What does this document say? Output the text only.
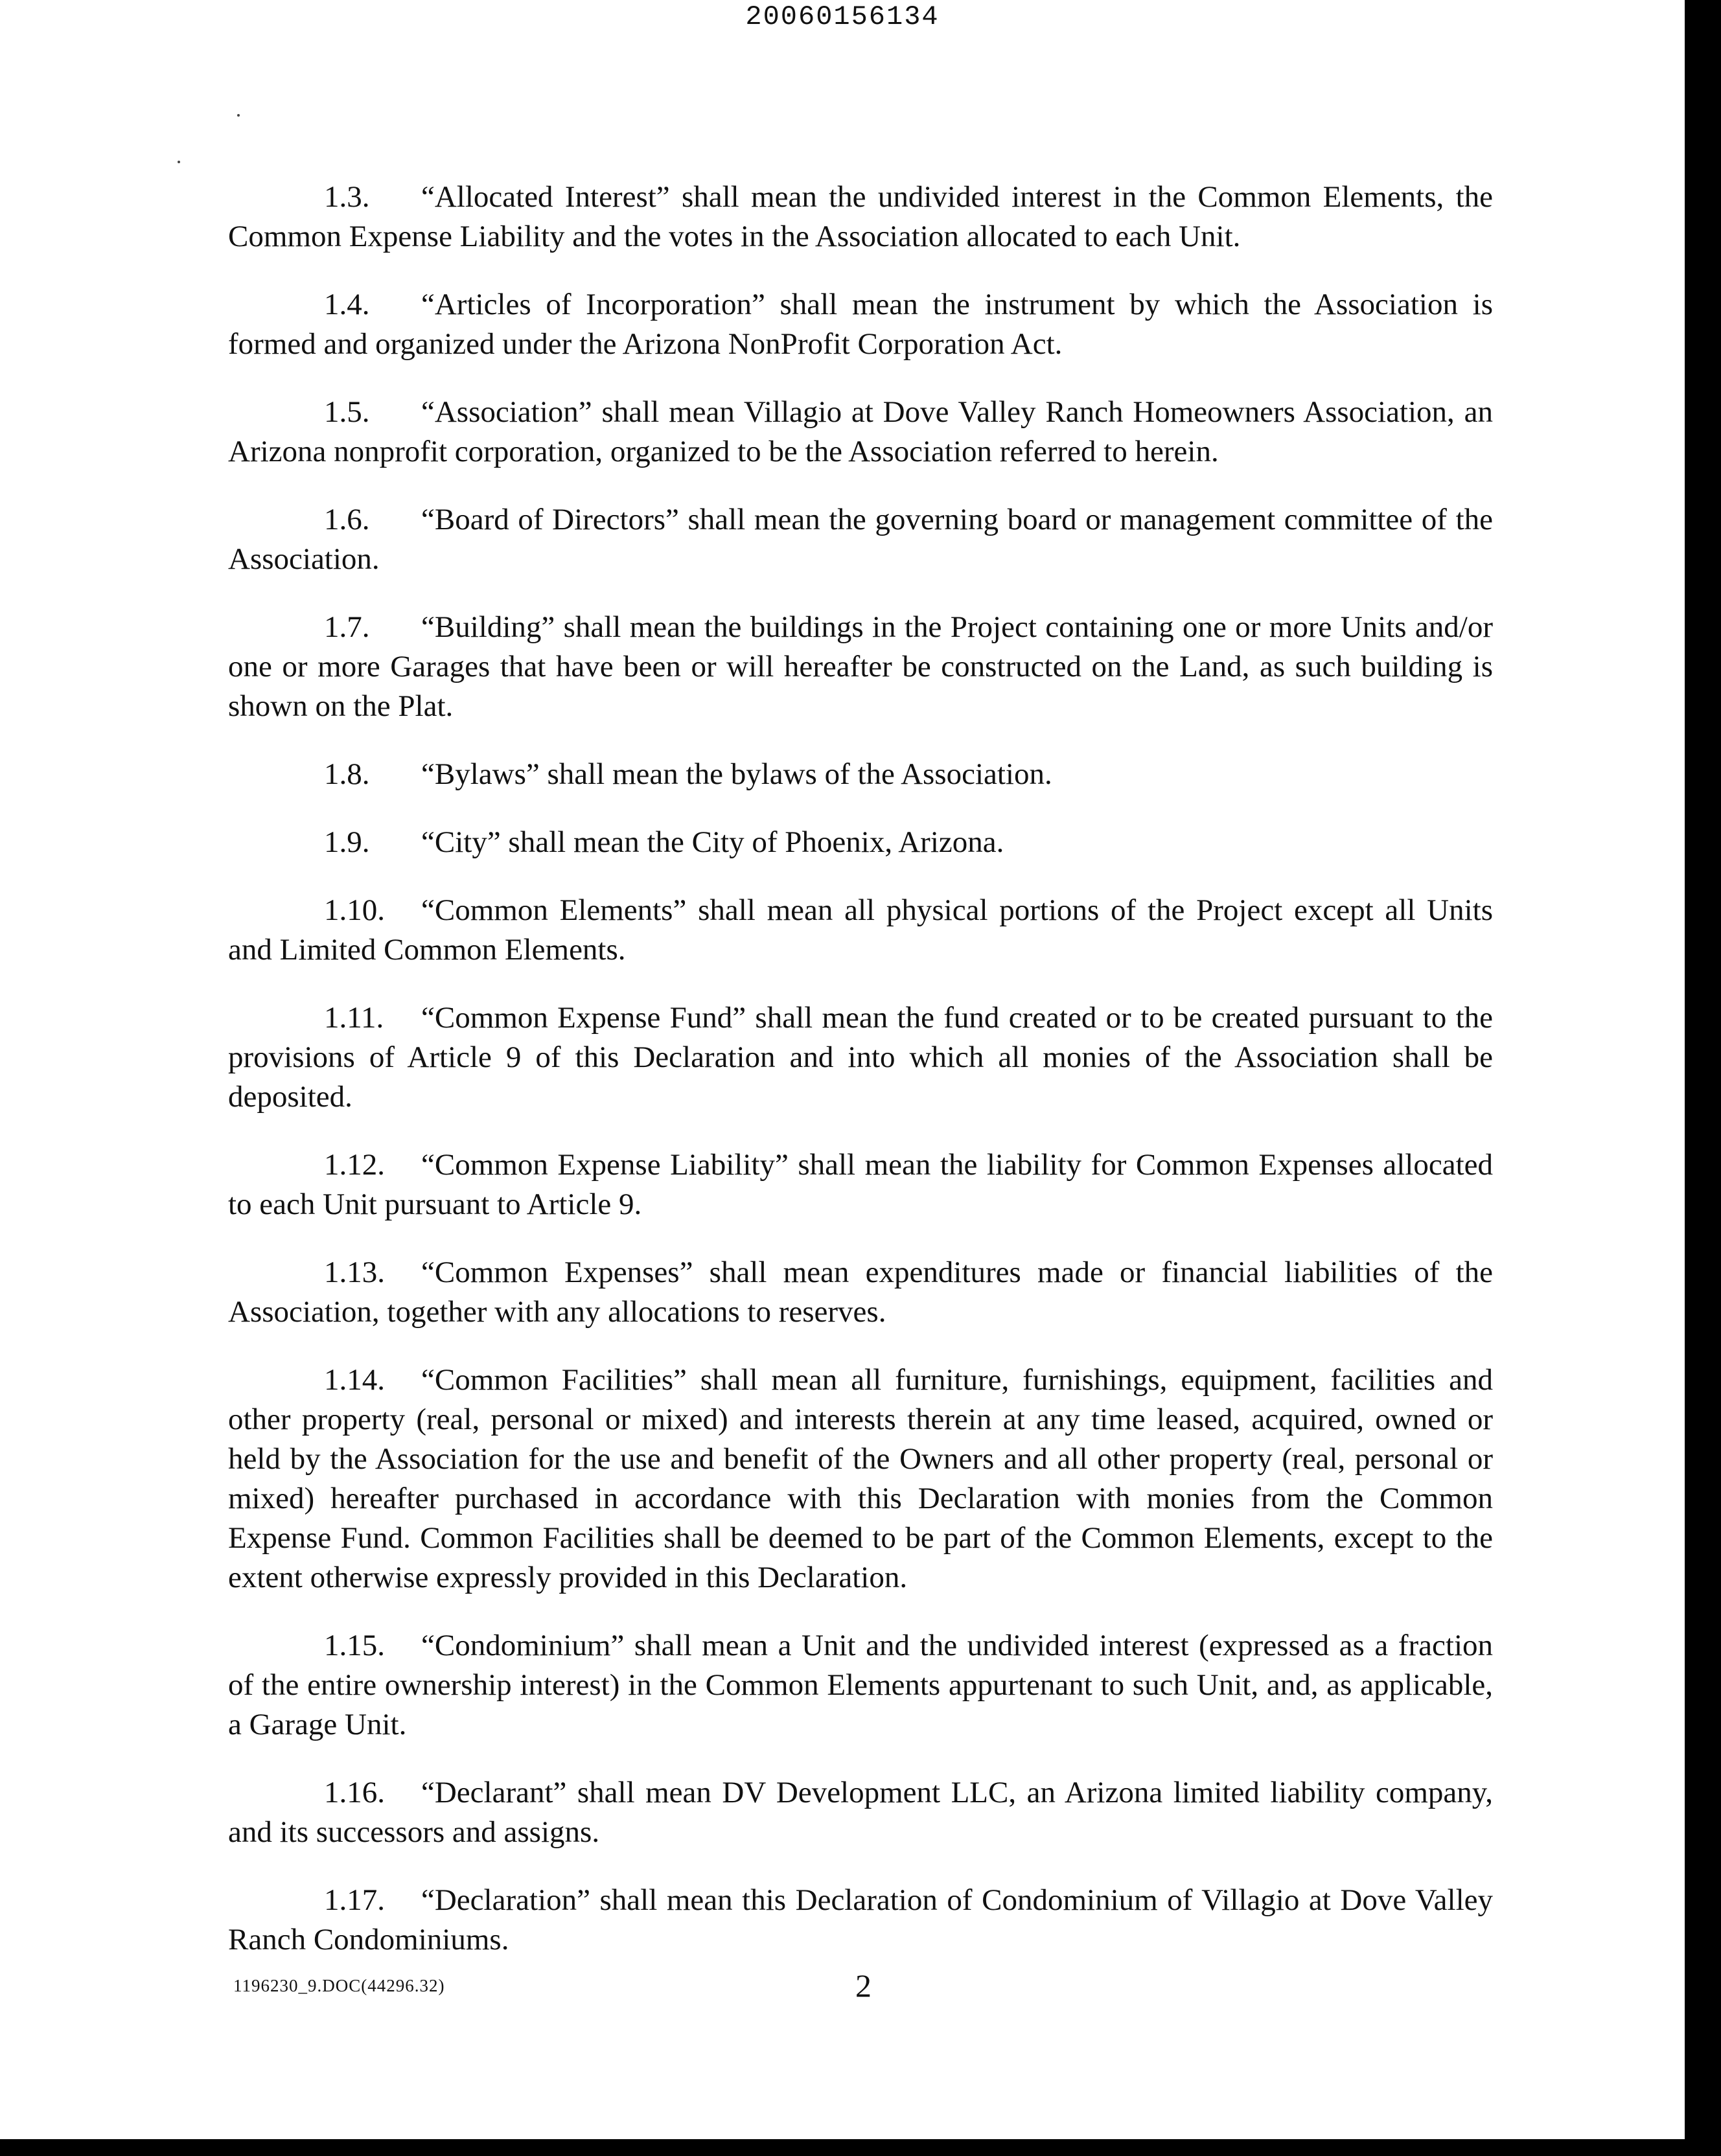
20060156134

1.3. “Allocated Interest” shall mean the undivided interest in the Common Elements, the Common Expense Liability and the votes in the Association allocated to each Unit.

1.4. “Articles of Incorporation” shall mean the instrument by which the Association is formed and organized under the Arizona NonProfit Corporation Act.

1.5. “Association” shall mean Villagio at Dove Valley Ranch Homeowners Association, an Arizona nonprofit corporation, organized to be the Association referred to herein.

1.6. “Board of Directors” shall mean the governing board or management committee of the Association.

1.7. “Building” shall mean the buildings in the Project containing one or more Units and/or one or more Garages that have been or will hereafter be constructed on the Land, as such building is shown on the Plat.

1.8. “Bylaws” shall mean the bylaws of the Association.

1.9. “City” shall mean the City of Phoenix, Arizona.

1.10. “Common Elements” shall mean all physical portions of the Project except all Units and Limited Common Elements.

1.11. “Common Expense Fund” shall mean the fund created or to be created pursuant to the provisions of Article 9 of this Declaration and into which all monies of the Association shall be deposited.

1.12. “Common Expense Liability” shall mean the liability for Common Expenses allocated to each Unit pursuant to Article 9.

1.13. “Common Expenses” shall mean expenditures made or financial liabilities of the Association, together with any allocations to reserves.

1.14. “Common Facilities” shall mean all furniture, furnishings, equipment, facilities and other property (real, personal or mixed) and interests therein at any time leased, acquired, owned or held by the Association for the use and benefit of the Owners and all other property (real, personal or mixed) hereafter purchased in accordance with this Declaration with monies from the Common Expense Fund. Common Facilities shall be deemed to be part of the Common Elements, except to the extent otherwise expressly provided in this Declaration.

1.15. “Condominium” shall mean a Unit and the undivided interest (expressed as a fraction of the entire ownership interest) in the Common Elements appurtenant to such Unit, and, as applicable, a Garage Unit.

1.16. “Declarant” shall mean DV Development LLC, an Arizona limited liability company, and its successors and assigns.

1.17. “Declaration” shall mean this Declaration of Condominium of Villagio at Dove Valley Ranch Condominiums.

1196230_9.DOC(44296.32)	2
